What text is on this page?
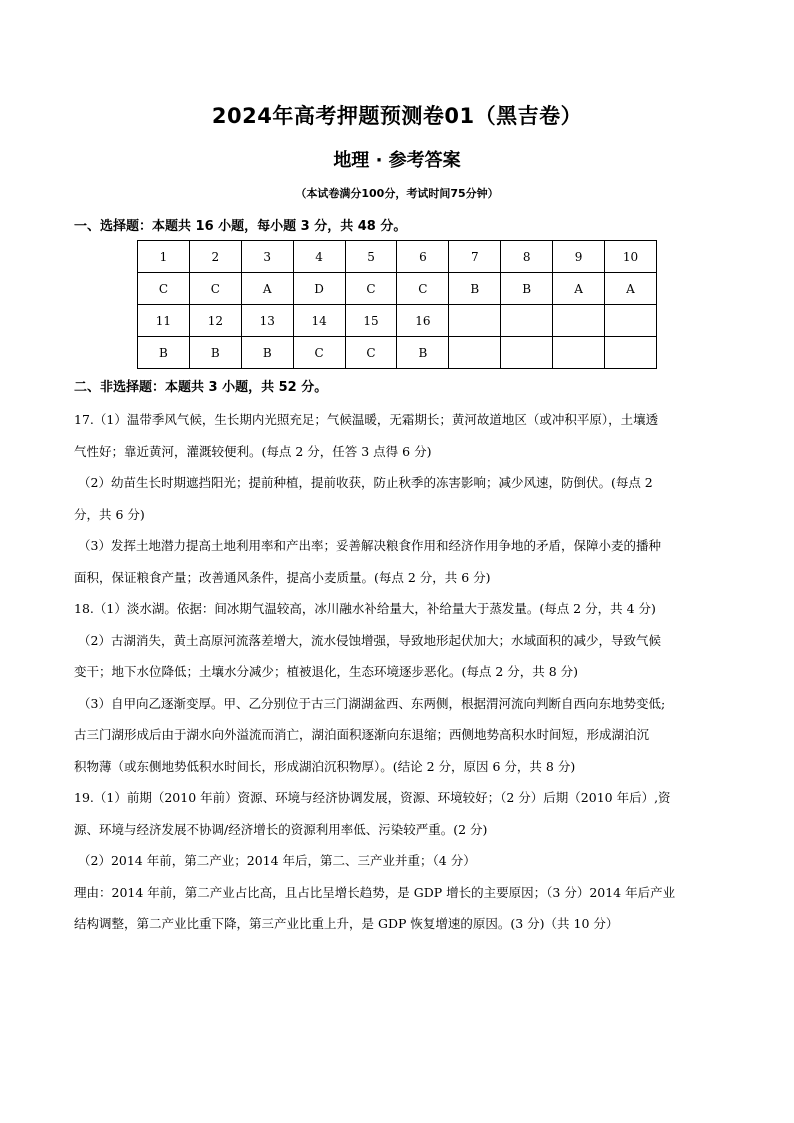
2024年高考押题预测卷01（黑吉卷）
地理 · 参考答案
（本试卷满分100分，考试时间75分钟）
一、选择题：本题共 16 小题，每小题 3 分，共 48 分。
1	2	3	4	5	6	7	8	9	10
C	C	A	D	C	C	B	B	A	A
11	12	13	14	15	16				
B	B	B	C	C	B				
二、非选择题：本题共 3 小题，共 52 分。

17.（1）温带季风气候，生长期内光照充足；气候温暖，无霜期长；黄河故道地区（或冲积平原），土壤透

气性好；靠近黄河，灌溉较便利。(每点 2 分，任答 3 点得 6 分)

（2）幼苗生长时期遮挡阳光；提前种植，提前收获，防止秋季的冻害影响；减少风速，防倒伏。(每点 2

分，共 6 分)

（3）发挥土地潜力提高土地利用率和产出率；妥善解决粮食作用和经济作用争地的矛盾，保障小麦的播种

面积，保证粮食产量；改善通风条件，提高小麦质量。(每点 2 分，共 6 分)

18.（1）淡水湖。依据：间冰期气温较高，冰川融水补给量大，补给量大于蒸发量。(每点 2 分，共 4 分)

（2）古湖消失，黄土高原河流落差增大，流水侵蚀增强，导致地形起伏加大；水域面积的减少，导致气候

变干；地下水位降低；土壤水分减少；植被退化，生态环境逐步恶化。(每点 2 分，共 8 分)

（3）自甲向乙逐渐变厚。甲、乙分别位于古三门湖湖盆西、东两侧，根据渭河流向判断自西向东地势变低;

古三门湖形成后由于湖水向外溢流而消亡，湖泊面积逐渐向东退缩；西侧地势高积水时间短，形成湖泊沉

积物薄（或东侧地势低积水时间长，形成湖泊沉积物厚）。(结论 2 分，原因 6 分，共 8 分)

19.（1）前期（2010 年前）资源、环境与经济协调发展，资源、环境较好；（2 分）后期（2010 年后）,资

源、环境与经济发展不协调/经济增长的资源利用率低、污染较严重。(2 分)

（2）2014 年前，第二产业；2014 年后，第二、三产业并重；（4 分）

理由：2014 年前，第二产业占比高，且占比呈增长趋势，是 GDP 增长的主要原因；（3 分）2014 年后产业

结构调整，第二产业比重下降，第三产业比重上升，是 GDP 恢复增速的原因。(3 分)（共 10 分）
